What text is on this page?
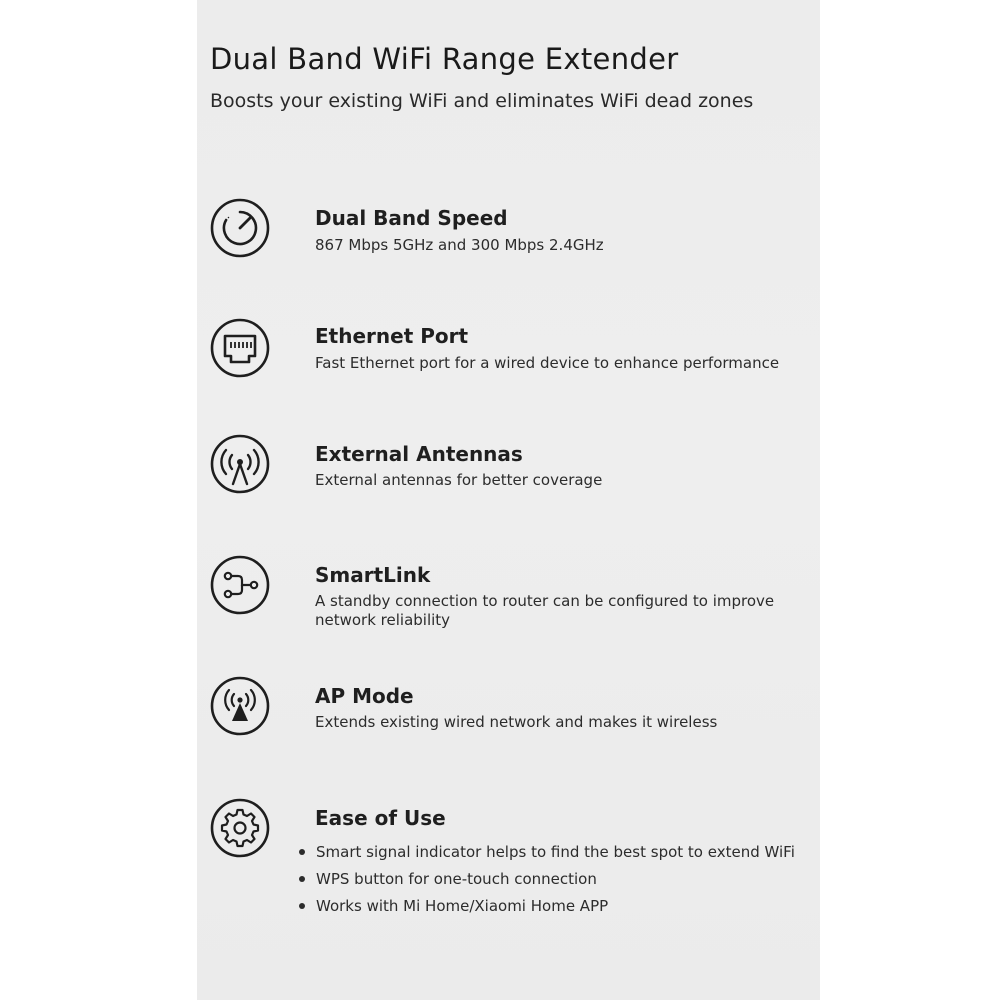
Dual Band WiFi Range Extender
Boosts your existing WiFi and eliminates WiFi dead zones
Dual Band Speed
867 Mbps 5GHz and 300 Mbps 2.4GHz
Ethernet Port
Fast Ethernet port for a wired device to enhance performance
External Antennas
External antennas for better coverage
SmartLink
A standby connection to router can be configured to improve network reliability
AP Mode
Extends existing wired network and makes it wireless
Ease of Use
Smart signal indicator helps to find the best spot to extend WiFi
WPS button for one-touch connection
Works with Mi Home/Xiaomi Home APP
